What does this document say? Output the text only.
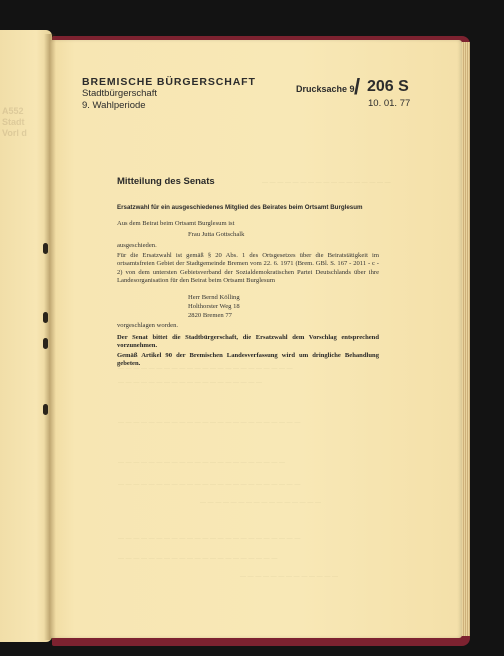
A552
Stadt
Vorl d
— — — — — — — — — — — — — — — — —
— — — — — — — — — — — — — — — — — — — — — — —
— — — — — — — — — — — — — — — — — — —
— — — — — — — — — — — — — — — — — — — — — — — —
— — — — — — — — — — — — — — — — — — — — — —
— — — — — — — — — — — — — — — — — — — — — — — —
— — — — — — — — — — — — — — — —
— — — — — — — — — — — — — — — — — — — — — — — —
— — — — — — — — — — — — — — — — — — — — —
— — — — — — — — — — — — —
BREMISCHE BÜRGERSCHAFT
Stadtbürgerschaft
9. Wahlperiode
Drucksache 9 / 206 S
10. 01. 77
Mitteilung des Senats
Ersatzwahl für ein ausgeschiedenes Mitglied des Beirates beim Ortsamt Burglesum
Aus dem Beirat beim Ortsamt Burglesum ist
Frau Jutta Gottschalk
ausgeschieden.
Für die Ersatzwahl ist gemäß § 20 Abs. 1 des Ortsgesetzes über die Beiratstätigkeit im ortsamtsfreien Gebiet der Stadtgemeinde Bremen vom 22. 6. 1971 (Brem. GBl. S. 167 - 2011 - c - 2) von dem untersten Gebietsverband der Sozialdemokratischen Partei Deutschlands über ihre Landesorganisation für den Beirat beim Ortsamt Burglesum
Herr Bernd Kölling
Holthorster Weg 18
2820 Bremen 77
vorgeschlagen worden.
Der Senat bittet die Stadtbürgerschaft, die Ersatzwahl dem Vorschlag entsprechend vorzunehmen.
Gemäß Artikel 90 der Bremischen Landesverfassung wird um dringliche Behandlung gebeten.
